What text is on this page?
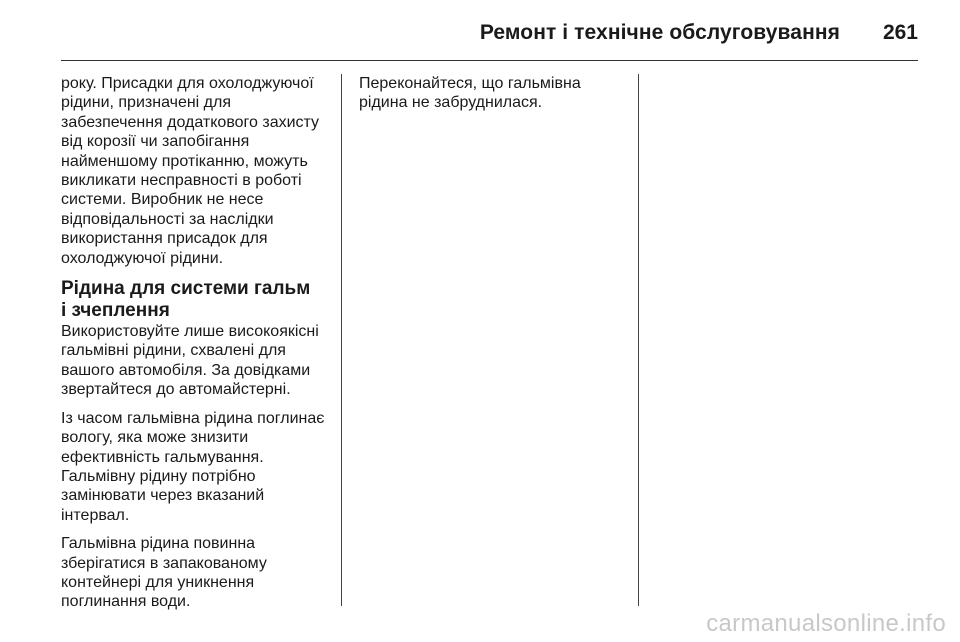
Ремонт і технічне обслуговування 261

року. Присадки для охолоджуючої
рідини, призначені для
забезпечення додаткового захисту
від корозії чи запобігання
найменшому протіканню, можуть
викликати несправності в роботі
системи. Виробник не несе
відповідальності за наслідки
використання присадок для
охолоджуючої рідини.

Рідина для системи гальм
і зчеплення

Використовуйте лише високоякісні
гальмівні рідини, схвалені для
вашого автомобіля. За довідками
звертайтеся до автомайстерні.

Із часом гальмівна рідина поглинає
вологу, яка може знизити
ефективність гальмування.
Гальмівну рідину потрібно
замінювати через вказаний
інтервал.

Гальмівна рідина повинна
зберігатися в запакованому
контейнері для уникнення
поглинання води.

Переконайтеся, що гальмівна
рідина не забруднилася.

carmanualsonline.info
